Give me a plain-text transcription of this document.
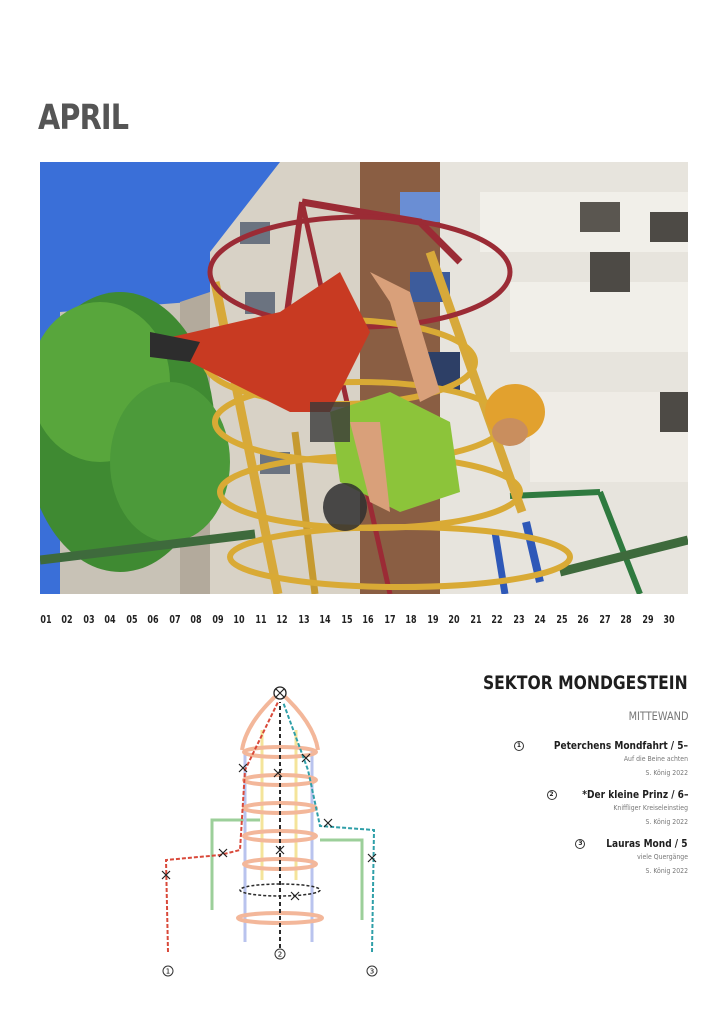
APRIL
01 02 03 04 05 06 07 08 09 10 11 12 13 14 15 16 17 18 19 20 21 22 23 24 25 26 27 28 29 30
SEKTOR MONDGESTEIN
MITTEWAND
1	Peterchens Mondfahrt / 5–
Auf die Beine achten
S. König 2022
2	*Der kleine Prinz / 6–
Kniffliger Kreiseleinstieg
S. König 2022
3 Lauras Mond / 5
viele Quergänge
S. König 2022
1
2
3
